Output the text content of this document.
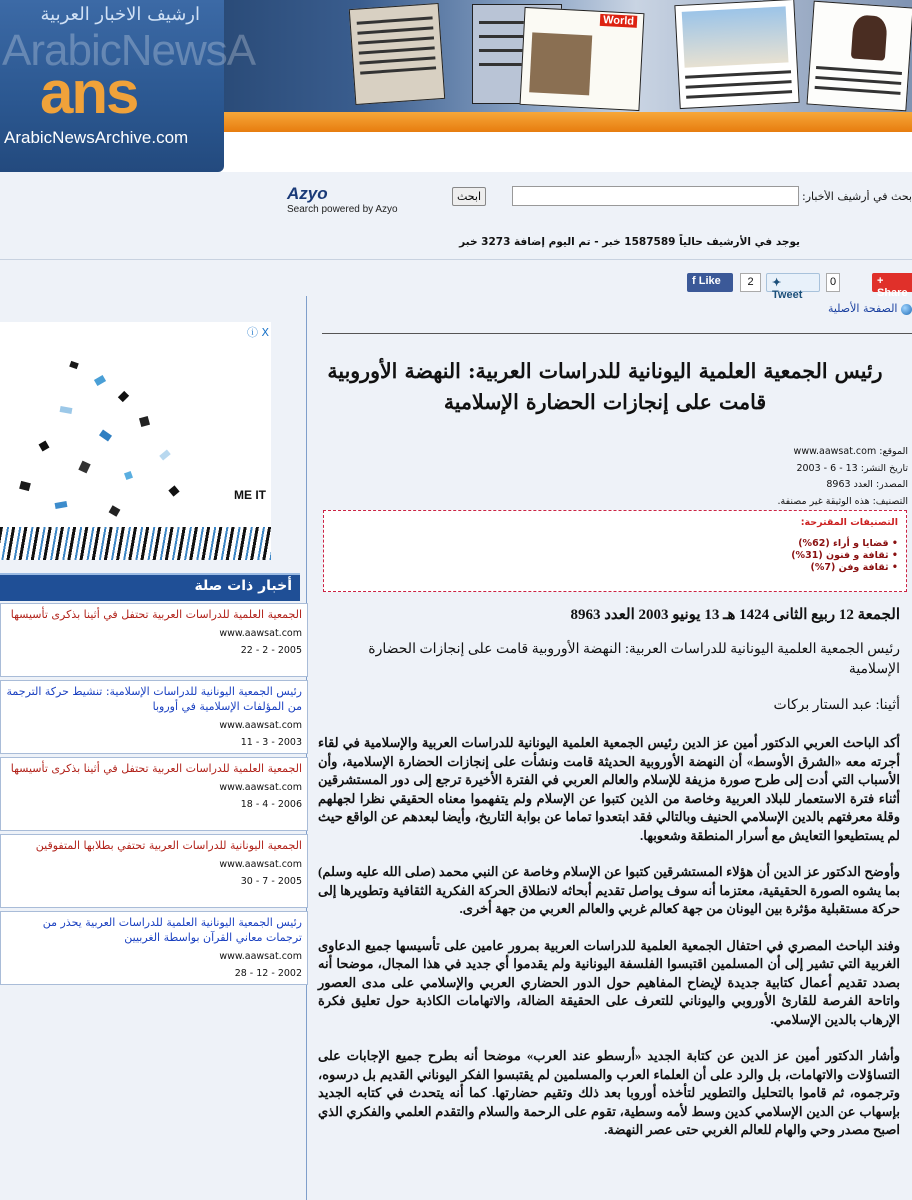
World
ارشيف الاخبار العربية
ArabicNewsA
ans
ArabicNewsArchive.com
Azyo
Search powered by Azyo
ابحث	بحث في أرشيف الأخبار:
يوجد في الأرشيف حالياً 1587589 خبر - تم اليوم إضافة 3273 خبر
f Like	2	✦ Tweet
0	+ Share
الصفحة الأصلية
رئيس الجمعية العلمية اليونانية للدراسات العربية: النهضة الأوروبية قامت على إنجازات الحضارة الإسلامية
الموقع: www.aawsat.com
تاريخ النشر: 13 - 6 - 2003
المصدر: العدد 8963
التصنيف: هذه الوثيقة غير مصنفة.
التصنيفات المقترحة:
• قضايا و أراء (62%)
• ثقافة و فنون (31%)
• ثقافة وفن (7%)
الجمعة 12 ربيع الثانى 1424 هـ 13 يونيو 2003 العدد 8963
رئيس الجمعية العلمية اليونانية للدراسات العربية: النهضة الأوروبية قامت على إنجازات الحضارة الإسلامية
أثينا: عبد الستار بركات

أكد الباحث العربي الدكتور أمين عز الدين رئيس الجمعية العلمية اليونانية للدراسات العربية والإسلامية في لقاء أجرته معه «الشرق الأوسط» أن النهضة الأوروبية الحديثة قامت ونشأت على إنجازات الحضارة الإسلامية، وأن الأسباب التي أدت إلى طرح صورة مزيفة للإسلام والعالم العربي في الفترة الأخيرة ترجع إلى دور المستشرقين أثناء فترة الاستعمار للبلاد العربية وخاصة من الذين كتبوا عن الإسلام ولم يتفهموا معناه الحقيقي نظرا لجهلهم وقلة معرفتهم بالدين الإسلامي الحنيف وبالتالي فقد ابتعدوا تماما عن بوابة التاريخ، وأيضا لبعدهم عن الواقع حيث لم يستطيعوا التعايش مع أسرار المنطقة وشعوبها.

وأوضح الدكتور عز الدين أن هؤلاء المستشرقين كتبوا عن الإسلام وخاصة عن النبي محمد (صلى الله عليه وسلم) بما يشوه الصورة الحقيقية، معتزما أنه سوف يواصل تقديم أبحاثه لانطلاق الحركة الفكرية الثقافية وتطويرها إلى حركة مستقبلية مؤثرة بين اليونان من جهة كعالم غربي والعالم العربي من جهة أخرى.

وفند الباحث المصري في احتفال الجمعية العلمية للدراسات العربية بمرور عامين على تأسيسها جميع الدعاوى الغربية التي تشير إلى أن المسلمين اقتبسوا الفلسفة اليونانية ولم يقدموا أي جديد في هذا المجال، موضحا أنه بصدد تقديم أعمال كتابية جديدة لإيضاح المفاهيم حول الدور الحضاري العربي والإسلامي على مدى العصور واتاحة الفرصة للقارئ الأوروبي واليوناني للتعرف على الحقيقة الضالة، والاتهامات الكاذبة حول تعليق فكرة الإرهاب بالدين الإسلامي.

وأشار الدكتور أمين عز الدين عن كتابة الجديد «أرسطو عند العرب» موضحا أنه بطرح جميع الإجابات على التساؤلات والاتهامات، بل والرد على أن العلماء العرب والمسلمين لم يقتبسوا الفكر اليوناني القديم بل درسوه، وترجموه، ثم قاموا بالتحليل والتطوير لتأخذه أوروبا بعد ذلك وتقيم حضارتها. كما أنه يتحدث في كتابه الجديد بإسهاب عن الدين الإسلامي كدين وسط لأمه وسطية، تقوم على الرحمة والسلام والتقدم العلمي والفكري الذي اصبح مصدر وحي والهام للعالم الغربي حتى عصر النهضة.

ⓘ X
ME IT
أخبار ذات صلة
الجمعية العلمية للدراسات العربية تحتفل في أثينا بذكرى تأسيسها
www.aawsat.com
2005 - 2 - 22
رئيس الجمعية اليونانية للدراسات الإسلامية: تنشيط حركة الترجمة من المؤلفات الإسلامية في أوروبا
www.aawsat.com
2003 - 3 - 11
الجمعية العلمية للدراسات العربية تحتفل في أثينا بذكرى تأسيسها
www.aawsat.com
2006 - 4 - 18
الجمعية اليونانية للدراسات العربية تحتفي بطلابها المتفوقين
www.aawsat.com
2005 - 7 - 30
رئيس الجمعية اليونانية العلمية للدراسات العربية يحذر من ترجمات معاني القرآن بواسطة الغربيين
www.aawsat.com
2002 - 12 - 28
